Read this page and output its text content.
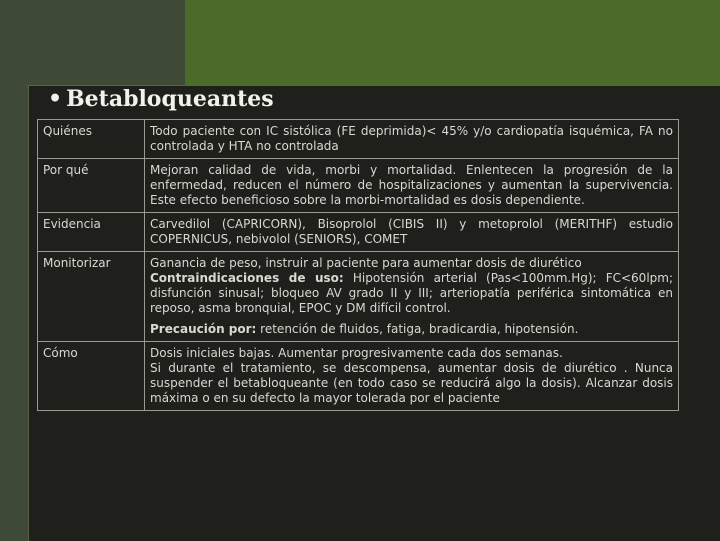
• Betabloqueantes
Quiénes	Todo paciente con IC sistólica (FE deprimida)< 45% y/o cardiopatía isquémica, FA no controlada y HTA no controlada

Por qué	Mejoran calidad de vida, morbi y mortalidad. Enlentecen la progresión de la enfermedad, reducen el número de hospitalizaciones y aumentan la supervivencia. Este efecto beneficioso sobre la morbi-mortalidad es dosis dependiente.

Evidencia	Carvedilol (CAPRICORN), Bisoprolol (CIBIS II) y metoprolol (MERITHF) estudio COPERNICUS, nebivolol (SENIORS), COMET

Monitorizar	Ganancia de peso, instruir al paciente para aumentar dosis de diurético

Contraindicaciones de uso: Hipotensión arterial (Pas<100mm.Hg); FC<60lpm; disfunción sinusal; bloqueo AV grado II y III; arteriopatía periférica sintomática en reposo, asma bronquial, EPOC y DM difícil control.

Precaución por: retención de fluidos, fatiga, bradicardia, hipotensión.

Cómo	Dosis iniciales bajas. Aumentar progresivamente cada dos semanas.

Si durante el tratamiento, se descompensa, aumentar dosis de diurético . Nunca suspender el betabloqueante (en todo caso se reducirá algo la dosis). Alcanzar dosis máxima o en su defecto la mayor tolerada por el paciente
